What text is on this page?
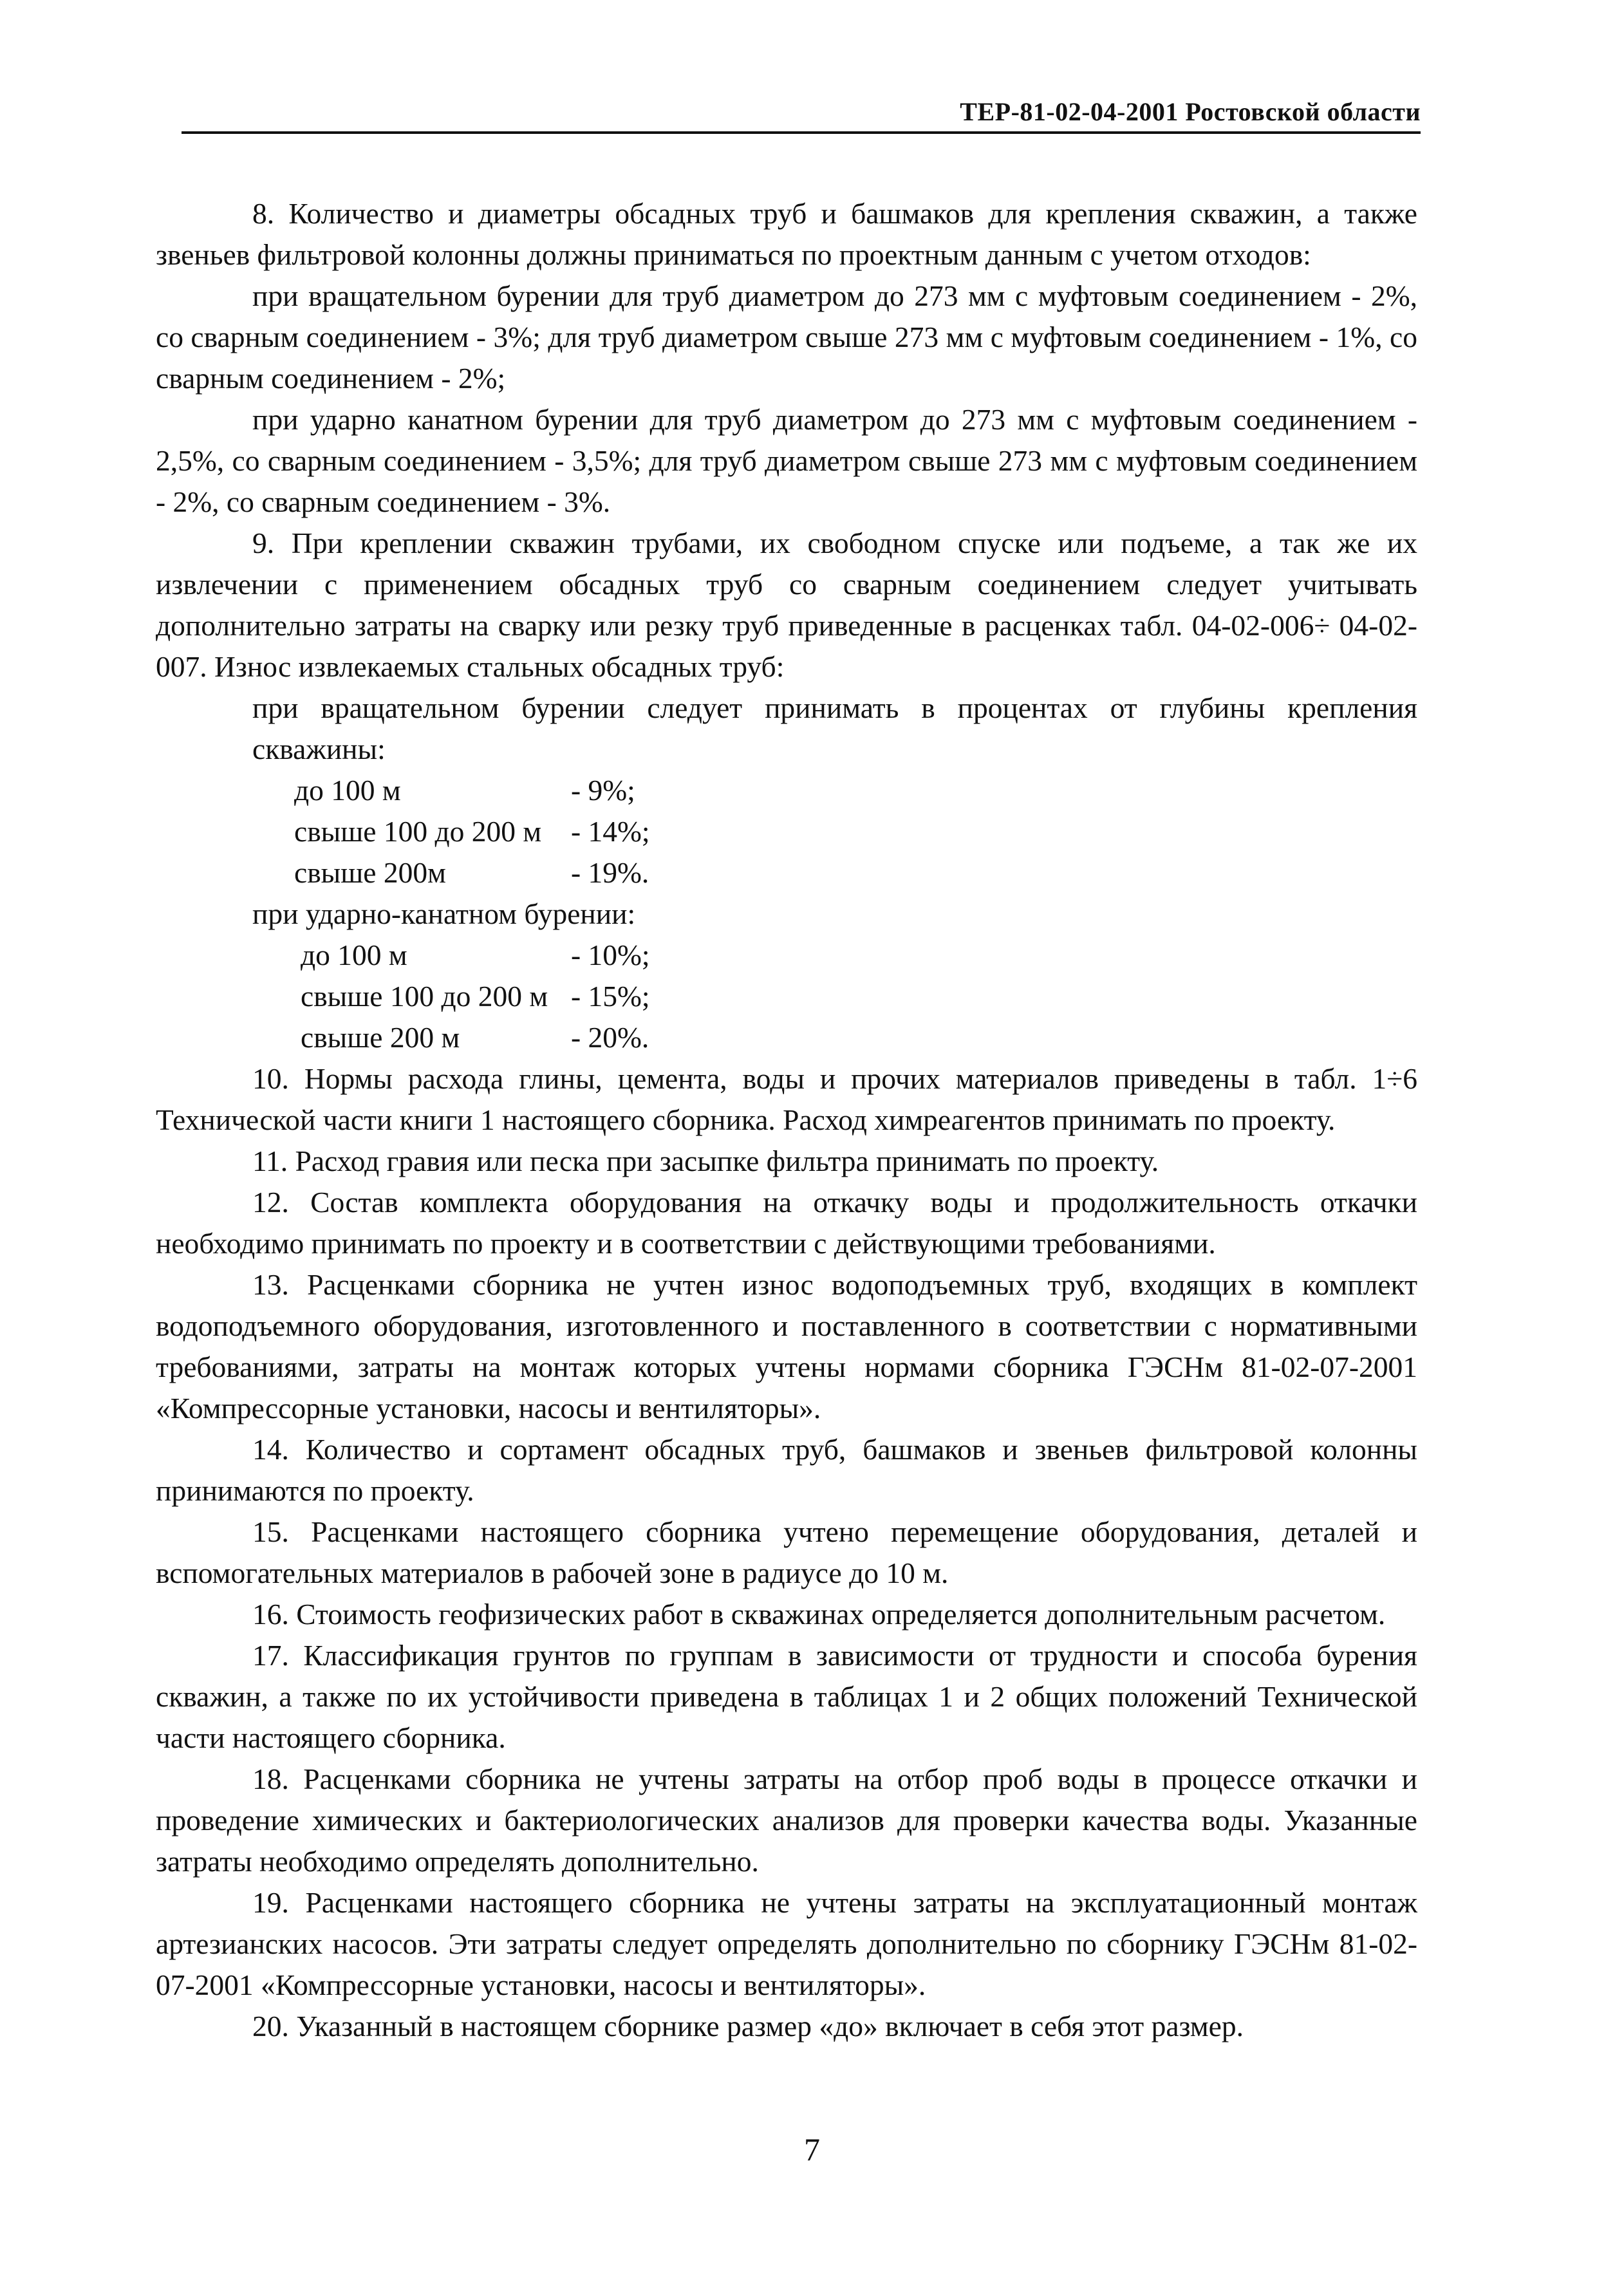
ТЕР-81-02-04-2001 Ростовской области

8. Количество и диаметры обсадных труб и башмаков для крепления скважин, а также звеньев фильтровой колонны должны приниматься по проектным данным с учетом отходов:

при вращательном бурении для труб диаметром до 273 мм с муфтовым соединением - 2%, со сварным соединением - 3%; для труб диаметром свыше 273 мм с муфтовым соединением - 1%, со сварным соединением - 2%;

при ударно канатном бурении для труб диаметром до 273 мм с муфтовым соединением - 2,5%, со сварным соединением - 3,5%; для труб диаметром свыше 273 мм с муфтовым соединением - 2%, со сварным соединением - 3%.

9. При креплении скважин трубами, их свободном спуске или подъеме, а так же их извлечении с применением обсадных труб со сварным соединением следует учитывать дополнительно затраты на сварку или резку труб приведенные в расценках табл. 04-02-006÷ 04-02-007. Износ извлекаемых стальных обсадных труб:

при вращательном бурении следует принимать в процентах от глубины крепления скважины:

до 100 м	- 9%;
свыше 100 до 200 м	- 14%;
свыше 200м	- 19%.

при ударно-канатном бурении:

до 100 м	- 10%;
свыше 100 до 200 м - 15%;
свыше 200 м	- 20%.

10. Нормы расхода глины, цемента, воды и прочих материалов приведены в табл. 1÷6 Технической части книги 1 настоящего сборника. Расход химреагентов принимать по проекту.

11. Расход гравия или песка при засыпке фильтра принимать по проекту.

12. Состав комплекта оборудования на откачку воды и продолжительность откачки необходимо принимать по проекту и в соответствии с действующими требованиями.

13. Расценками сборника не учтен износ водоподъемных труб, входящих в комплект водоподъемного оборудования, изготовленного и поставленного в соответствии с нормативными требованиями, затраты на монтаж которых учтены нормами сборника ГЭСНм 81-02-07-2001 «Компрессорные установки, насосы и вентиляторы».

14. Количество и сортамент обсадных труб, башмаков и звеньев фильтровой колонны принимаются по проекту.

15. Расценками настоящего сборника учтено перемещение оборудования, деталей и вспомогательных материалов в рабочей зоне в радиусе до 10 м.

16. Стоимость геофизических работ в скважинах определяется дополнительным расчетом.

17. Классификация грунтов по группам в зависимости от трудности и способа бурения скважин, а также по их устойчивости приведена в таблицах 1 и 2 общих положений Технической части настоящего сборника.

18. Расценками сборника не учтены затраты на отбор проб воды в процессе откачки и проведение химических и бактериологических анализов для проверки качества воды. Указанные затраты необходимо определять дополнительно.

19. Расценками настоящего сборника не учтены затраты на эксплуатационный монтаж артезианских насосов. Эти затраты следует определять дополнительно по сборнику ГЭСНм 81-02-07-2001 «Компрессорные установки, насосы и вентиляторы».

20. Указанный в настоящем сборнике размер «до» включает в себя этот размер.

7
